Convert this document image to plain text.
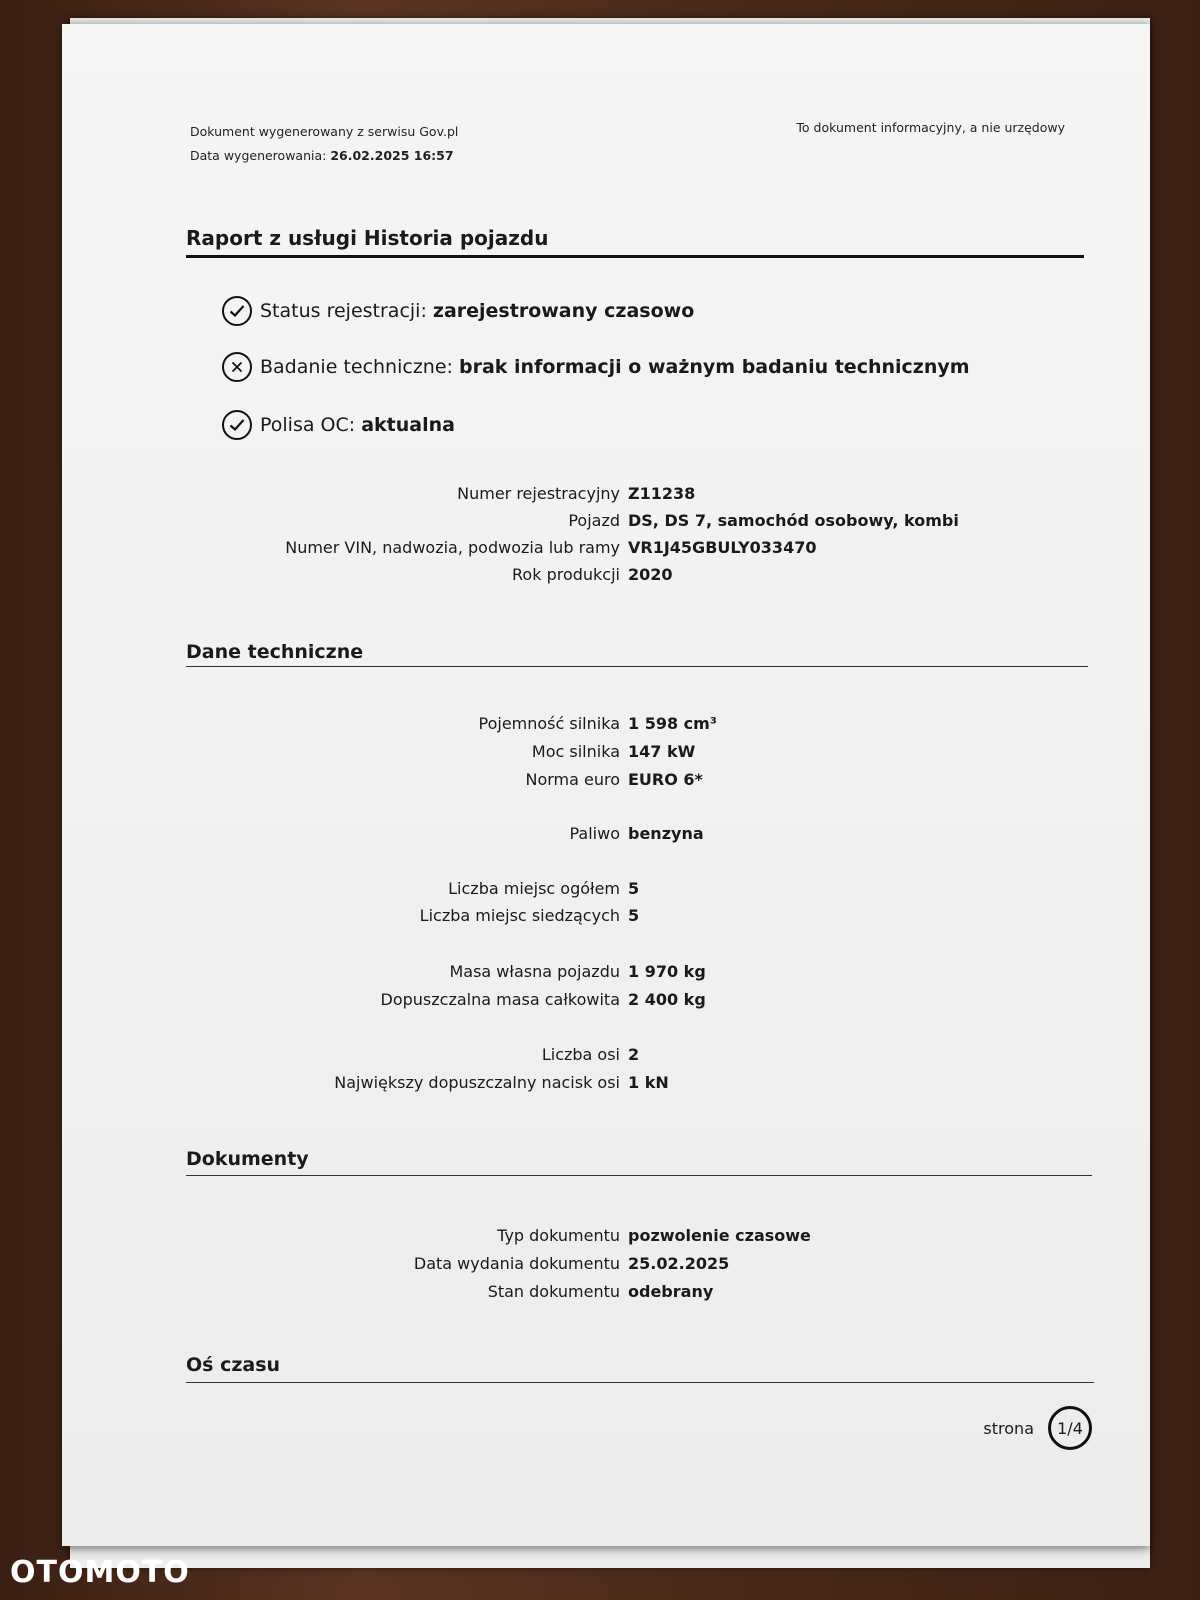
Dokument wygenerowany z serwisu Gov.pl
Data wygenerowania: 26.02.2025 16:57
To dokument informacyjny, a nie urzędowy
Raport z usługi Historia pojazdu
Status rejestracji: zarejestrowany czasowo
Badanie techniczne: brak informacji o ważnym badaniu technicznym
Polisa OC: aktualna
Numer rejestracyjny Z11238
Pojazd DS, DS 7, samochód osobowy, kombi
Numer VIN, nadwozia, podwozia lub ramy VR1J45GBULY033470
Rok produkcji 2020
Dane techniczne
Pojemność silnika 1 598 cm³
Moc silnika 147 kW
Norma euro EURO 6*
Paliwo benzyna
Liczba miejsc ogółem 5
Liczba miejsc siedzących 5
Masa własna pojazdu 1 970 kg
Dopuszczalna masa całkowita 2 400 kg
Liczba osi 2
Największy dopuszczalny nacisk osi 1 kN
Dokumenty
Typ dokumentu pozwolenie czasowe
Data wydania dokumentu 25.02.2025
Stan dokumentu odebrany
Oś czasu
strona	1/4
OTOMOTO
